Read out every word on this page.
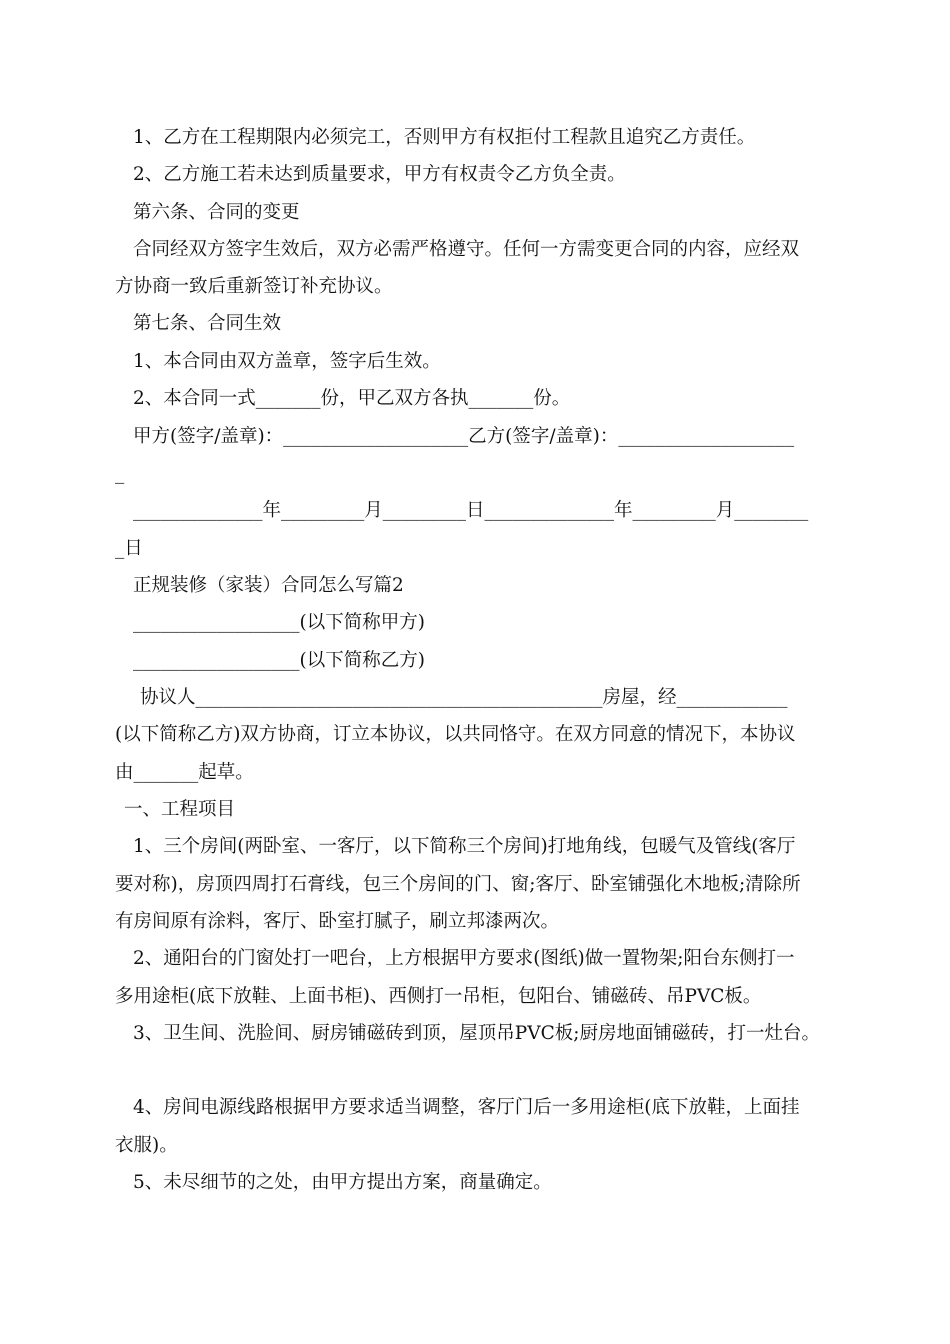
1、乙方在工程期限内必须完工，否则甲方有权拒付工程款且追究乙方责任。
2、乙方施工若未达到质量要求，甲方有权责令乙方负全责。
第六条、合同的变更
合同经双方签字生效后，双方必需严格遵守。任何一方需变更合同的内容，应经双
方协商一致后重新签订补充协议。
第七条、合同生效
1、本合同由双方盖章，签字后生效。
2、本合同一式_______份，甲乙双方各执_______份。
甲方(签字/盖章)：____________________乙方(签字/盖章)：___________________
_
______________年_________月_________日______________年_________月________
_日
正规装修（家装）合同怎么写篇2
__________________(以下简称甲方)
__________________(以下简称乙方)
协议人____________________________________________房屋，经____________
(以下简称乙方)双方协商，订立本协议，以共同恪守。在双方同意的情况下，本协议
由_______起草。
一、工程项目
1、三个房间(两卧室、一客厅，以下简称三个房间)打地角线，包暖气及管线(客厅
要对称)，房顶四周打石膏线，包三个房间的门、窗;客厅、卧室铺强化木地板;清除所
有房间原有涂料，客厅、卧室打腻子，刷立邦漆两次。
2、通阳台的门窗处打一吧台，上方根据甲方要求(图纸)做一置物架;阳台东侧打一
多用途柜(底下放鞋、上面书柜)、西侧打一吊柜，包阳台、铺磁砖、吊PVC板。
3、卫生间、洗脸间、厨房铺磁砖到顶，屋顶吊PVC板;厨房地面铺磁砖，打一灶台。
4、房间电源线路根据甲方要求适当调整，客厅门后一多用途柜(底下放鞋，上面挂
衣服)。
5、未尽细节的之处，由甲方提出方案，商量确定。
